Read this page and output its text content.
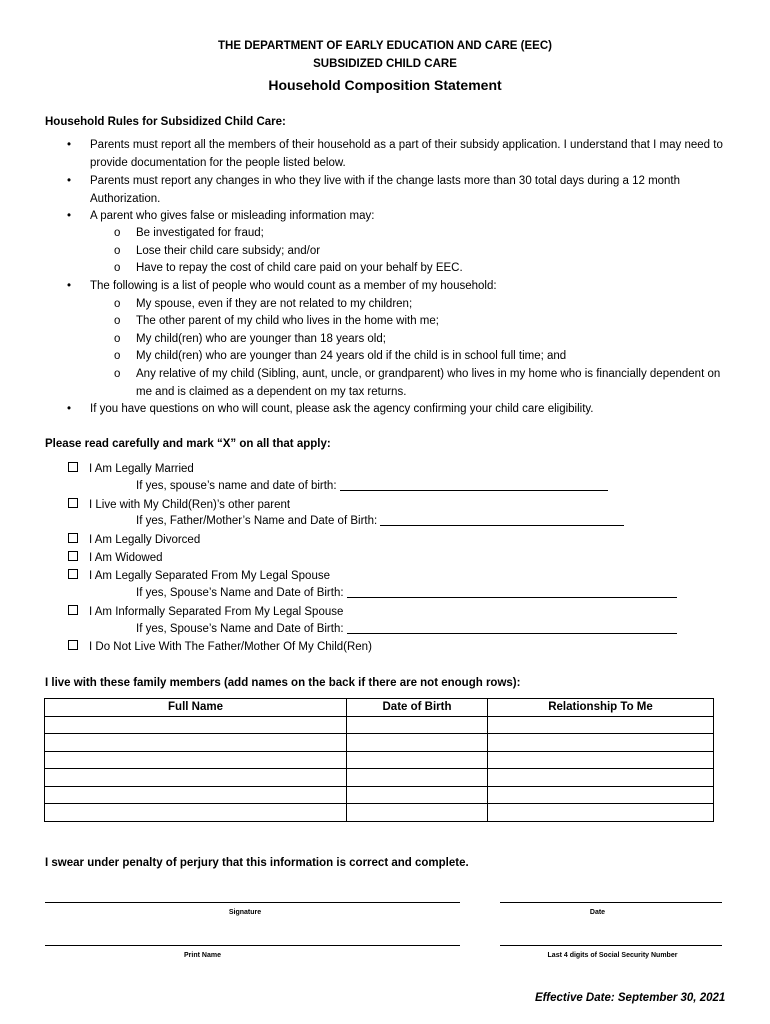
THE DEPARTMENT OF EARLY EDUCATION AND CARE (EEC)
SUBSIDIZED CHILD CARE
Household Composition Statement
Household Rules for Subsidized Child Care:
• Parents must report all the members of their household as a part of their subsidy application. I understand that I may need to provide documentation for the people listed below.
• Parents must report any changes in who they live with if the change lasts more than 30 total days during a 12 month Authorization.
• A parent who gives false or misleading information may:
o Be investigated for fraud;
o Lose their child care subsidy; and/or
o Have to repay the cost of child care paid on your behalf by EEC.
• The following is a list of people who would count as a member of my household:
o My spouse, even if they are not related to my children;
o The other parent of my child who lives in the home with me;
o My child(ren) who are younger than 18 years old;
o My child(ren) who are younger than 24 years old if the child is in school full time; and
o Any relative of my child (Sibling, aunt, uncle, or grandparent) who lives in my home who is financially dependent on me and is claimed as a dependent on my tax returns.
• If you have questions on who will count, please ask the agency confirming your child care eligibility.
Please read carefully and mark “X” on all that apply:
I Am Legally Married
If yes, spouse’s name and date of birth:
I Live with My Child(Ren)’s other parent
If yes, Father/Mother’s Name and Date of Birth:
I Am Legally Divorced
I Am Widowed
I Am Legally Separated From My Legal Spouse
If yes, Spouse’s Name and Date of Birth:
I Am Informally Separated From My Legal Spouse
If yes, Spouse’s Name and Date of Birth:
I Do Not Live With The Father/Mother Of My Child(Ren)
I live with these family members (add names on the back if there are not enough rows):
Full Name	Date of Birth	Relationship To Me

I swear under penalty of perjury that this information is correct and complete.
Signature	Date
Print Name	Last 4 digits of Social Security Number
Effective Date: September 30, 2021
